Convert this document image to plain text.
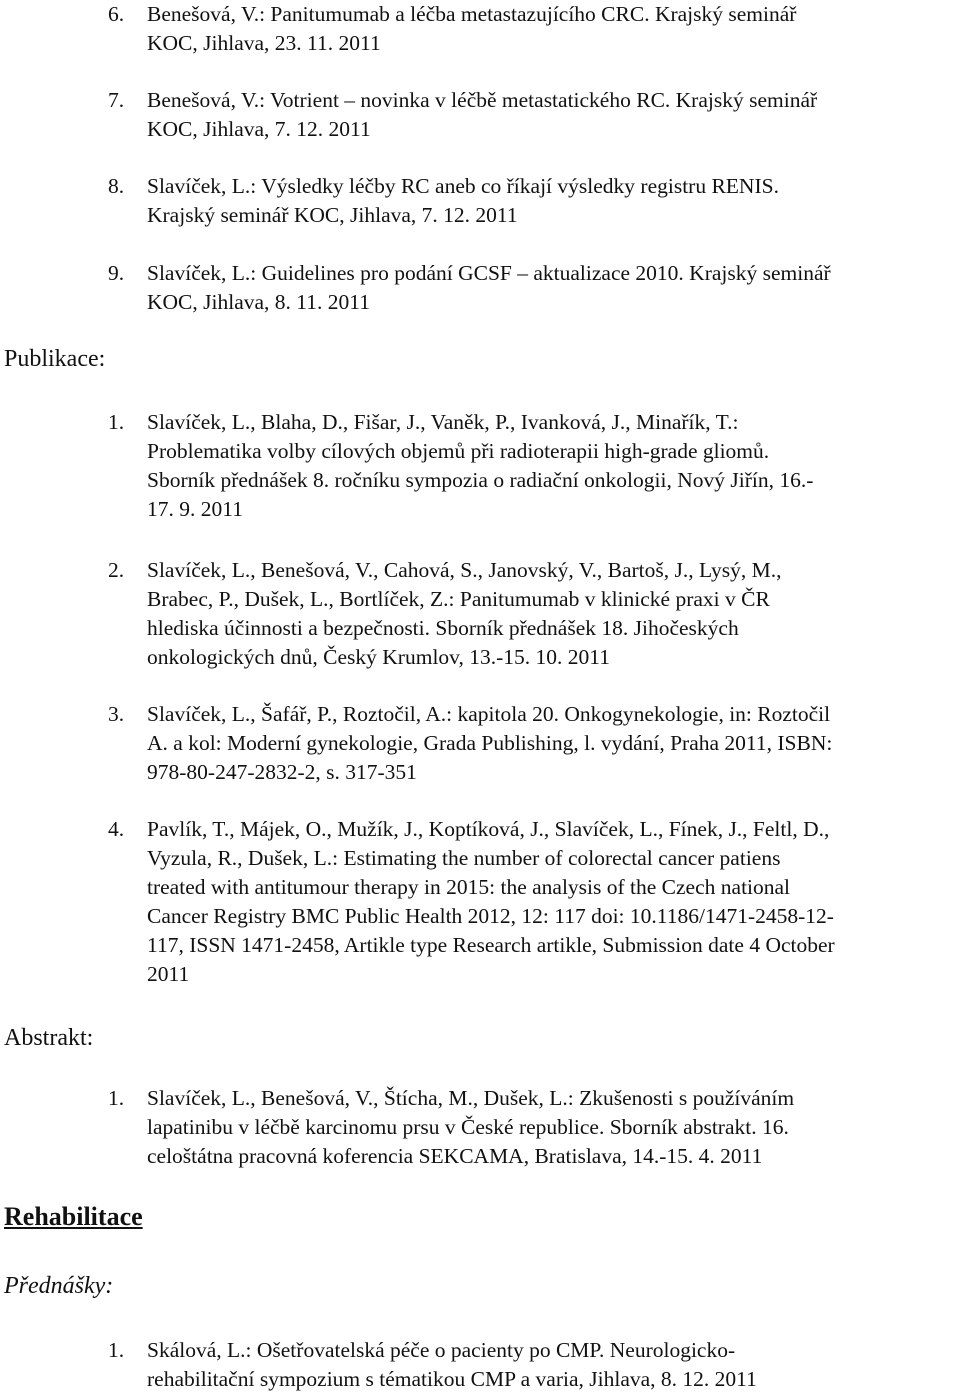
Publikace:
Abstrakt:
Rehabilitace
Přednášky:
6.	Benešová, V.: Panitumumab a léčba metastazujícího CRC. Krajský seminář
KOC, Jihlava, 23. 11. 2011
7.	Benešová, V.: Votrient – novinka v léčbě metastatického RC. Krajský seminář
KOC, Jihlava, 7. 12. 2011
8.	Slavíček, L.: Výsledky léčby RC aneb co říkají výsledky registru RENIS.
Krajský seminář KOC, Jihlava, 7. 12. 2011
9.	Slavíček, L.: Guidelines pro podání GCSF – aktualizace 2010. Krajský seminář
KOC, Jihlava, 8. 11. 2011
1.	Slavíček, L., Blaha, D., Fišar, J., Vaněk, P., Ivanková, J., Minařík, T.:
Problematika volby cílových objemů při radioterapii high-grade gliomů.
Sborník přednášek 8. ročníku sympozia o radiační onkologii, Nový Jiřín, 16.-
17. 9. 2011
2.	Slavíček, L., Benešová, V., Cahová, S., Janovský, V., Bartoš, J., Lysý, M.,
Brabec, P., Dušek, L., Bortlíček, Z.: Panitumumab v klinické praxi v ČR
hlediska účinnosti a bezpečnosti. Sborník přednášek 18. Jihočeských
onkologických dnů, Český Krumlov, 13.-15. 10. 2011
3.	Slavíček, L., Šafář, P., Roztočil, A.: kapitola 20. Onkogynekologie, in: Roztočil
A. a kol: Moderní gynekologie, Grada Publishing, l. vydání, Praha 2011, ISBN:
978-80-247-2832-2, s. 317-351
4.	Pavlík, T., Májek, O., Mužík, J., Koptíková, J., Slavíček, L., Fínek, J., Feltl, D.,
Vyzula, R., Dušek, L.: Estimating the number of colorectal cancer patiens
treated with antitumour therapy in 2015: the analysis of the Czech national
Cancer Registry BMC Public Health 2012, 12: 117 doi: 10.1186/1471-2458-12-
117, ISSN 1471-2458, Artikle type Research artikle, Submission date 4 October
2011
1.	Slavíček, L., Benešová, V., Štícha, M., Dušek, L.: Zkušenosti s používáním
lapatinibu v léčbě karcinomu prsu v České republice. Sborník abstrakt. 16.
celoštátna pracovná koferencia SEKCAMA, Bratislava, 14.-15. 4. 2011
1.	Skálová, L.: Ošetřovatelská péče o pacienty po CMP. Neurologicko-
rehabilitační sympozium s tématikou CMP a varia, Jihlava, 8. 12. 2011
